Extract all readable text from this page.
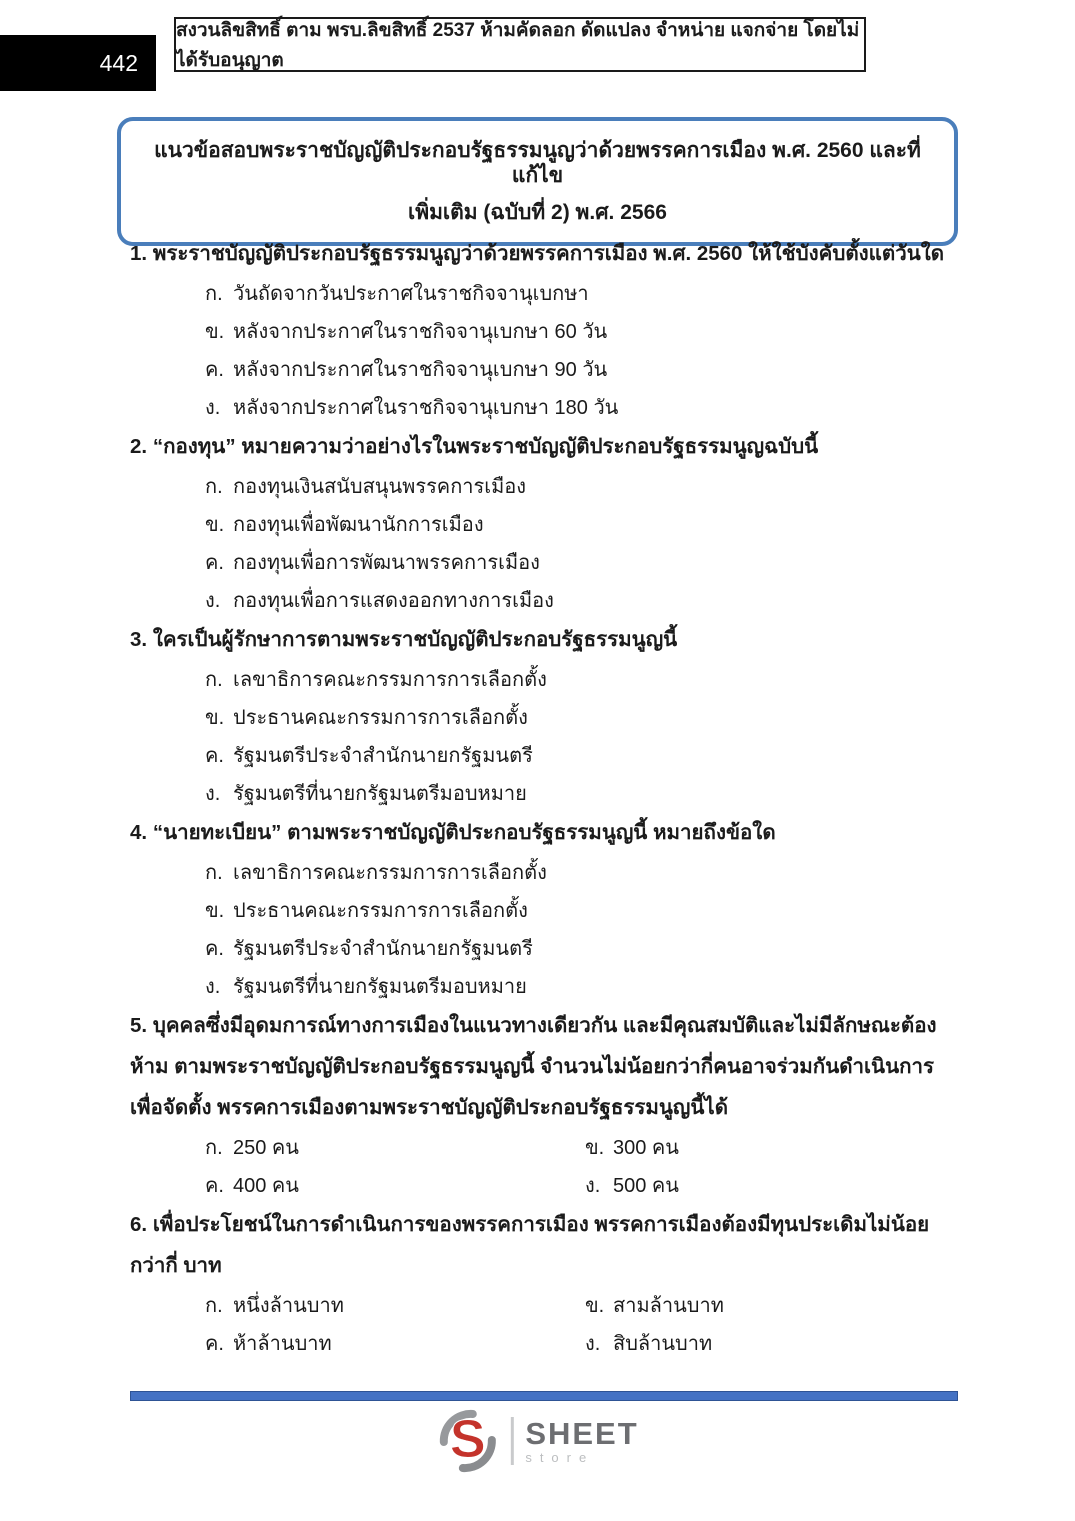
442
สงวนลิขสิทธิ์ ตาม พรบ.ลิขสิทธิ์ 2537 ห้ามคัดลอก ดัดแปลง จำหน่าย แจกจ่าย โดยไม่ได้รับอนุญาต
แนวข้อสอบพระราชบัญญัติประกอบรัฐธรรมนูญว่าด้วยพรรคการเมือง พ.ศ. 2560 และที่แก้ไข
เพิ่มเติม (ฉบับที่ 2) พ.ศ. 2566
1. พระราชบัญญัติประกอบรัฐธรรมนูญว่าด้วยพรรคการเมือง พ.ศ. 2560 ให้ใช้บังคับตั้งแต่วันใด
ก. วันถัดจากวันประกาศในราชกิจจานุเบกษา
ข. หลังจากประกาศในราชกิจจานุเบกษา 60 วัน
ค. หลังจากประกาศในราชกิจจานุเบกษา 90 วัน
ง. หลังจากประกาศในราชกิจจานุเบกษา 180 วัน
2. “กองทุน” หมายความว่าอย่างไรในพระราชบัญญัติประกอบรัฐธรรมนูญฉบับนี้
ก. กองทุนเงินสนับสนุนพรรคการเมือง
ข. กองทุนเพื่อพัฒนานักการเมือง
ค. กองทุนเพื่อการพัฒนาพรรคการเมือง
ง. กองทุนเพื่อการแสดงออกทางการเมือง
3. ใครเป็นผู้รักษาการตามพระราชบัญญัติประกอบรัฐธรรมนูญนี้
ก. เลขาธิการคณะกรรมการการเลือกตั้ง
ข. ประธานคณะกรรมการการเลือกตั้ง
ค. รัฐมนตรีประจำสำนักนายกรัฐมนตรี
ง. รัฐมนตรีที่นายกรัฐมนตรีมอบหมาย
4. “นายทะเบียน” ตามพระราชบัญญัติประกอบรัฐธรรมนูญนี้ หมายถึงข้อใด
ก. เลขาธิการคณะกรรมการการเลือกตั้ง
ข. ประธานคณะกรรมการการเลือกตั้ง
ค. รัฐมนตรีประจำสำนักนายกรัฐมนตรี
ง. รัฐมนตรีที่นายกรัฐมนตรีมอบหมาย
5. บุคคลซึ่งมีอุดมการณ์ทางการเมืองในแนวทางเดียวกัน และมีคุณสมบัติและไม่มีลักษณะต้องห้าม ตามพระราชบัญญัติประกอบรัฐธรรมนูญนี้ จำนวนไม่น้อยกว่ากี่คนอาจร่วมกันดำเนินการเพื่อจัดตั้ง พรรคการเมืองตามพระราชบัญญัติประกอบรัฐธรรมนูญนี้ได้
ก. 250 คน	ข. 300 คน
ค. 400 คน	ง. 500 คน
6. เพื่อประโยชน์ในการดำเนินการของพรรคการเมือง พรรคการเมืองต้องมีทุนประเดิมไม่น้อยกว่ากี่ บาท
ก. หนึ่งล้านบาท	ข. สามล้านบาท
ค. ห้าล้านบาท	ง. สิบล้านบาท
S SHEET
store
